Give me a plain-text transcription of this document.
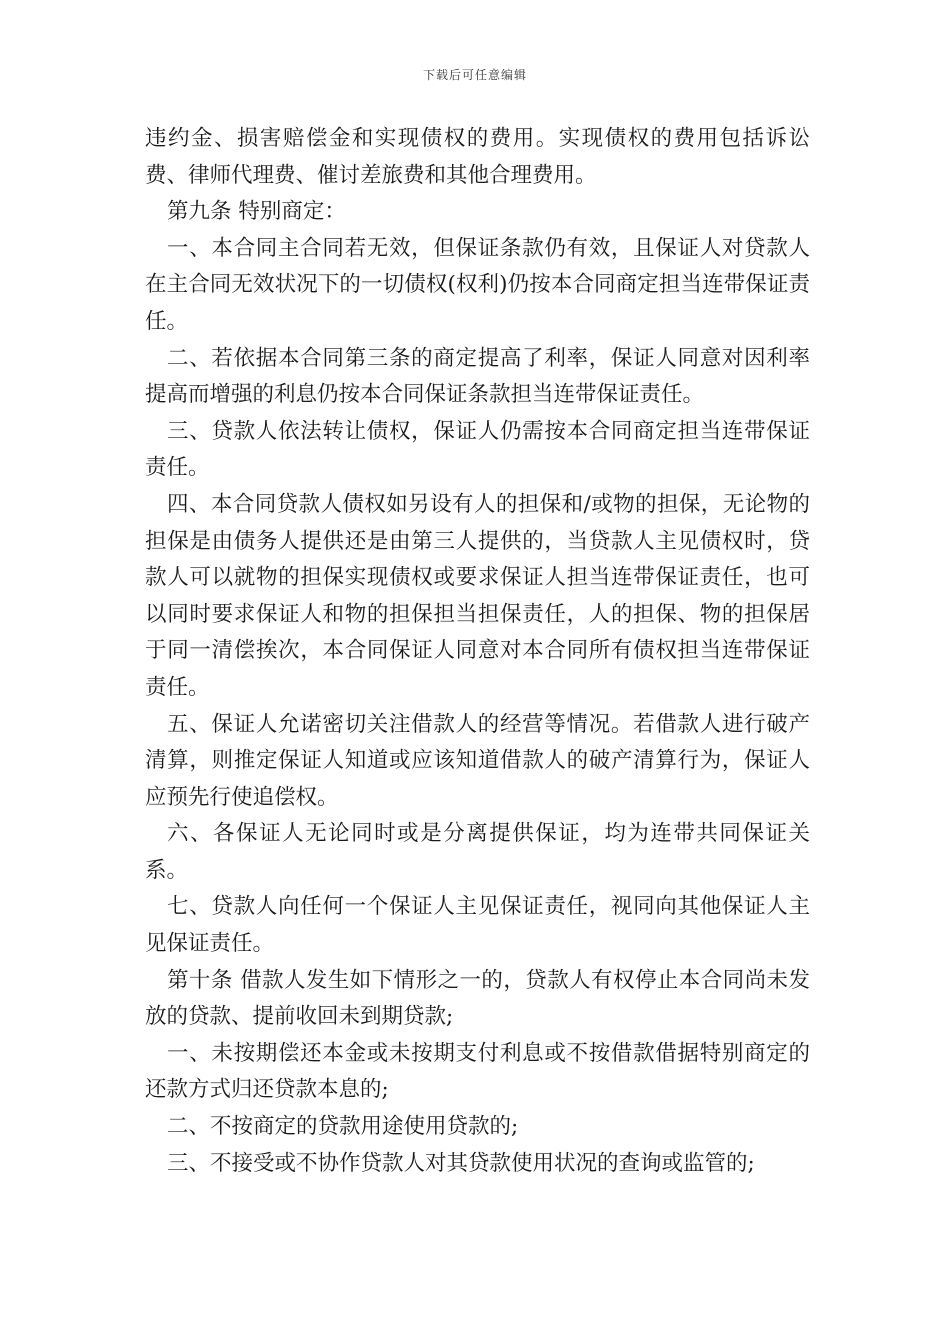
下载后可任意编辑

违约金、损害赔偿金和实现债权的费用。实现债权的费用包括诉讼费、律师代理费、催讨差旅费和其他合理费用。

第九条 特别商定：

一、本合同主合同若无效，但保证条款仍有效，且保证人对贷款人在主合同无效状况下的一切债权(权利)仍按本合同商定担当连带保证责任。

二、若依据本合同第三条的商定提高了利率，保证人同意对因利率提高而增强的利息仍按本合同保证条款担当连带保证责任。

三、贷款人依法转让债权，保证人仍需按本合同商定担当连带保证责任。

四、本合同贷款人债权如另设有人的担保和/或物的担保，无论物的担保是由债务人提供还是由第三人提供的，当贷款人主见债权时，贷款人可以就物的担保实现债权或要求保证人担当连带保证责任，也可以同时要求保证人和物的担保担当担保责任，人的担保、物的担保居于同一清偿挨次，本合同保证人同意对本合同所有债权担当连带保证责任。

五、保证人允诺密切关注借款人的经营等情况。若借款人进行破产清算，则推定保证人知道或应该知道借款人的破产清算行为，保证人应预先行使追偿权。

六、各保证人无论同时或是分离提供保证，均为连带共同保证关系。

七、贷款人向任何一个保证人主见保证责任，视同向其他保证人主见保证责任。

第十条 借款人发生如下情形之一的，贷款人有权停止本合同尚未发放的贷款、提前收回未到期贷款;

一、未按期偿还本金或未按期支付利息或不按借款借据特别商定的还款方式归还贷款本息的;

二、不按商定的贷款用途使用贷款的;

三、不接受或不协作贷款人对其贷款使用状况的查询或监管的;
